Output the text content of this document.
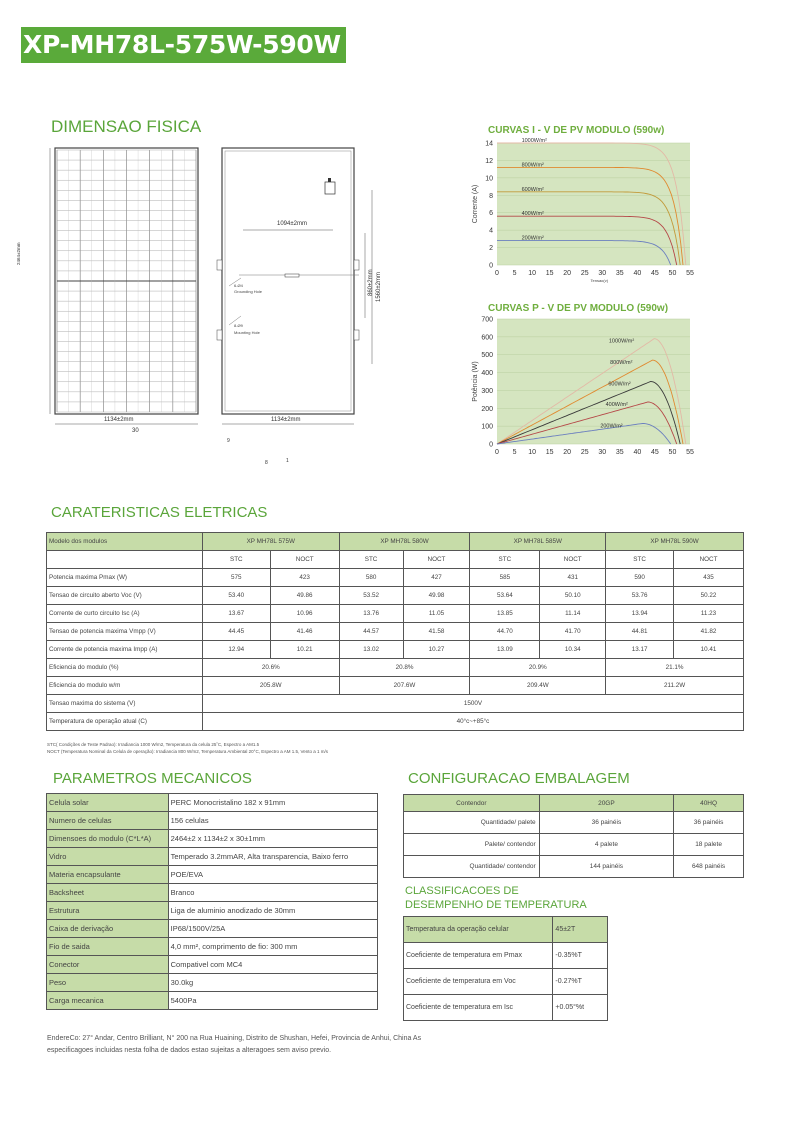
XP-MH78L-575W-590W
DIMENSAO FISICA
2464±2mm
1134±2mm
30
1094±2mm
1134±2mm
860±2mm 1560±2mm
6-Ø4
Grounding Hole
8-Ø9
Mounting Hole
9
8	1
CURVAS I - V DE PV MODULO (590w)
0
2
4
6
8
10
12
14
0 5 10 15 20 25 30 35 40 45 50 55
Corrente (A)
Tensao(v)
1000W/m²
800W/m²
600W/m²
400W/m²
200W/m²
CURVAS P - V DE PV MODULO (590w)
0
100
200
300
400
500
600
700
0 5 10 15 20 25 30 35 40 45 50 55
Potência (W)
1000W/m²
800W/m²
600W/m²
400W/m²
200W/m²
CARATERISTICAS ELETRICAS
Modelo dos modulos	XP MH78L 575W		XP MH78L 580W		XP MH78L 585W		XP MH78L 590W	
	STC	NOCT	STC	NOCT	STC	NOCT	STC	NOCT
Potencia maxima Pmax (W)	575	423	580	427	585	431	590	435
Tensao de circuito aberto Voc (V)	53.40	49.86	53.52	49.98	53.64	50.10	53.76	50.22
Corrente de curto circuito Isc (A)	13.67	10.96	13.76	11.05	13.85	11.14	13.94	11.23
Tensao de potencia maxima Vmpp (V)	44.45	41.46	44.57	41.58	44.70	41.70	44.81	41.82
Corrente de potencia maxima Impp (A)	12.94	10.21	13.02	10.27	13.09	10.34	13.17	10.41
Eficiencia do modulo (%)	20.6%		20.8%		20.9%		21.1%	
Eficiencia do modulo w/m	205.8W		207.6W		209.4W		211.2W	
Tensao maxima do sistema (V)	1500V							
Temperatura de operação atual (C)	40°c~+85°c							
STC( Condições de Teste Padrao): Irradiancia 1000 W/m2, Temperatura da celula 25˚C, Espectro a AM1.5
NOCT (Temperatura Nominal da Celula de operação): Irradiancia 800 W/m2, Temperatura Ambiental 20°C, Espectro a AM 1.5, Vento a 1 m/s
PARAMETROS MECANICOS
Celula solar	PERC Monocristalino 182 x 91mm
Numero de celulas	156 celulas
Dimensoes do modulo (C*L*A)	2464±2 x 1134±2 x 30±1mm
Vidro	Temperado 3.2mmAR, Alta transparencia, Baixo ferro
Materia encapsulante	POE/EVA
Backsheet	Branco
Estrutura	Liga de aluminio anodizado de 30mm
Caixa de derivação	IP68/1500V/25A
Fio de saida	4,0 mm², comprimento de fio: 300 mm
Conector	Compativel com MC4
Peso	30.0kg
Carga mecanica	5400Pa
CONFIGURACAO EMBALAGEM
Contendor	20GP	40HQ
Quantidade/ palete	36 painéis	36 painéis
Palete/ contendor	4 palete	18 palete
Quantidade/ contendor	144 painéis	648 painéis
CLASSIFICACOES DE
DESEMPENHO DE TEMPERATURA
Temperatura da operação celular	45±2T
Coeficiente de temperatura em Pmax	-0.35%T
Coeficiente de temperatura em Voc	-0.27%T
Coeficiente de temperatura em Isc	+0.05°%t
EndereCo: 27° Andar, Centro Brilliant, N° 200 na Rua Huaining, Distrito de Shushan, Hefei, Provincia de Anhui, China As
especificagoes incluidas nesta folha de dados estao sujeitas a alteragoes sem aviso previo.
